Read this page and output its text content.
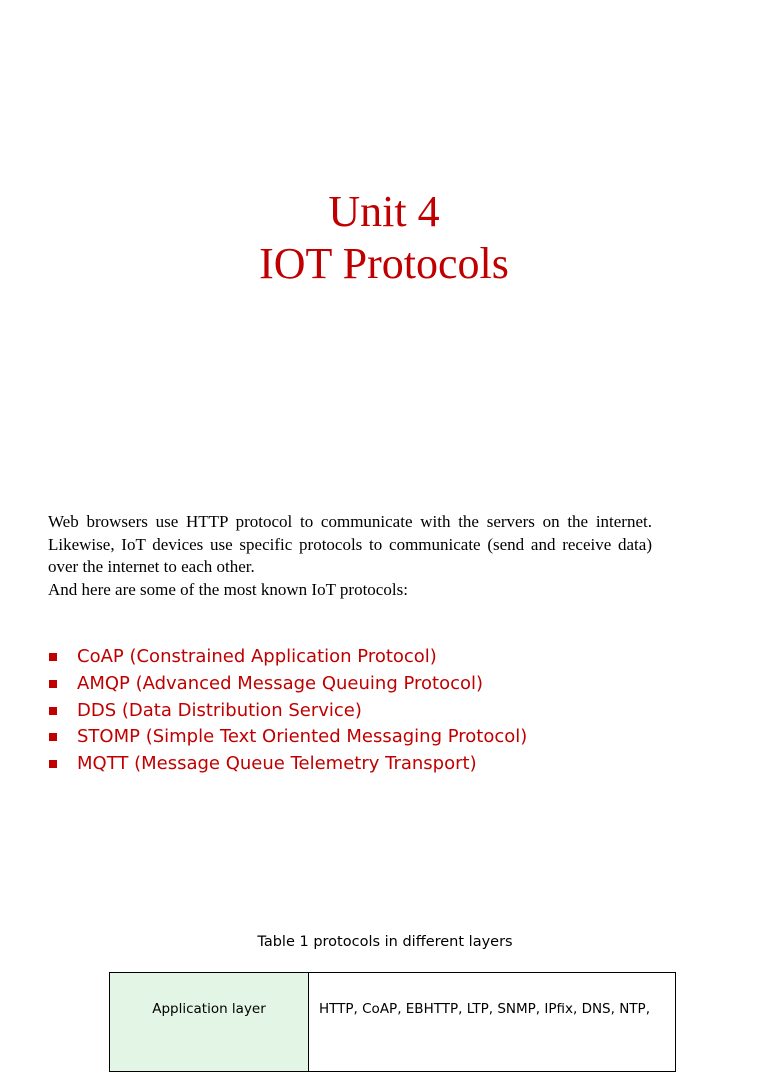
Unit 4
IOT Protocols

Web browsers use HTTP protocol to communicate with the servers on the internet. Likewise, IoT devices use specific protocols to communicate (send and receive data) over the internet to each other.

And here are some of the most known IoT protocols:

CoAP (Constrained Application Protocol)
AMQP (Advanced Message Queuing Protocol)
DDS (Data Distribution Service)
STOMP (Simple Text Oriented Messaging Protocol)
MQTT (Message Queue Telemetry Transport)
Table 1 protocols in different layers
Application layer	HTTP, CoAP, EBHTTP, LTP, SNMP, IPfix, DNS, NTP,
